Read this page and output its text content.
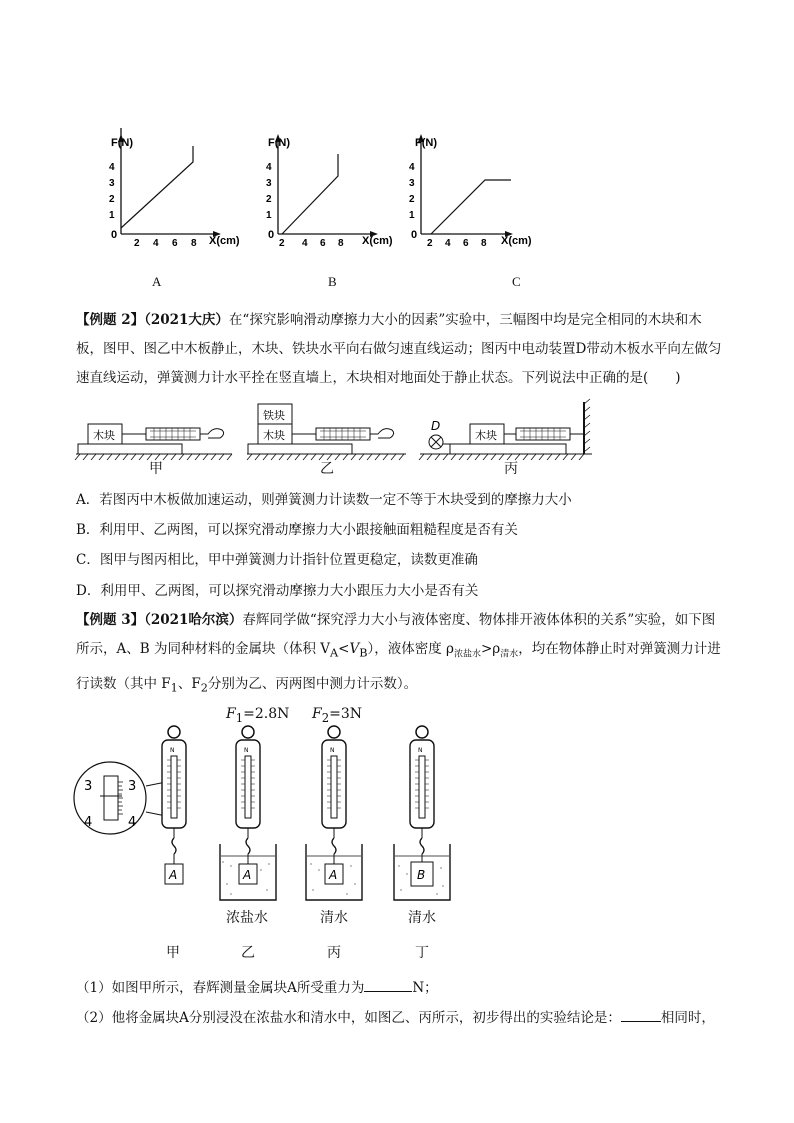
F(N)
0
2 4 6 8 X(cm)
1
2
3
4
F(N)
0
2 4 6 8 X(cm)
1
2
3
4
F(N)
0
2 4 6 8 X(cm)
1
2
3
4
A	B	C
【例题 2】（2021大庆）在“探究影响滑动摩擦力大小的因素”实验中，三幅图中均是完全相同的木块和木板，图甲、图乙中木板静止，木块、铁块水平向右做匀速直线运动；图丙中电动装置D带动木板水平向左做匀速直线运动，弹簧测力计水平拴在竖直墙上，木块相对地面处于静止状态。下列说法中正确的是(　　)
木块	木块
铁块
D
木块
甲	乙	丙
A．若图丙中木板做加速运动，则弹簧测力计读数一定不等于木块受到的摩擦力大小
B．利用甲、乙两图，可以探究滑动摩擦力大小跟接触面粗糙程度是否有关
C．图甲与图丙相比，甲中弹簧测力计指针位置更稳定，读数更准确
D．利用甲、乙两图，可以探究滑动摩擦力大小跟压力大小是否有关
【例题 3】（2021哈尔滨）春辉同学做“探究浮力大小与液体密度、物体排开液体体积的关系”实验，如下图所示，A、B 为同种材料的金属块（体积 $V_A<V_B$），液体密度 $\rho_{浓盐水}>\rho_{清水}$，均在物体静止时对弹簧测力计进行读数（其中 $F_1$、$F_2$分别为乙、丙两图中测力计示数）。
$F_1=2.8N$ $F_2=3N$
3	3
4	4
N
A
N
A
N
A
N
B
浓盐水	清水	清水
甲	乙	丙	丁
（1）如图甲所示，春辉测量金属块A所受重力为	N；
（2）他将金属块A分别浸没在浓盐水和清水中，如图乙、丙所示，初步得出的实验结论是：	相同时，
